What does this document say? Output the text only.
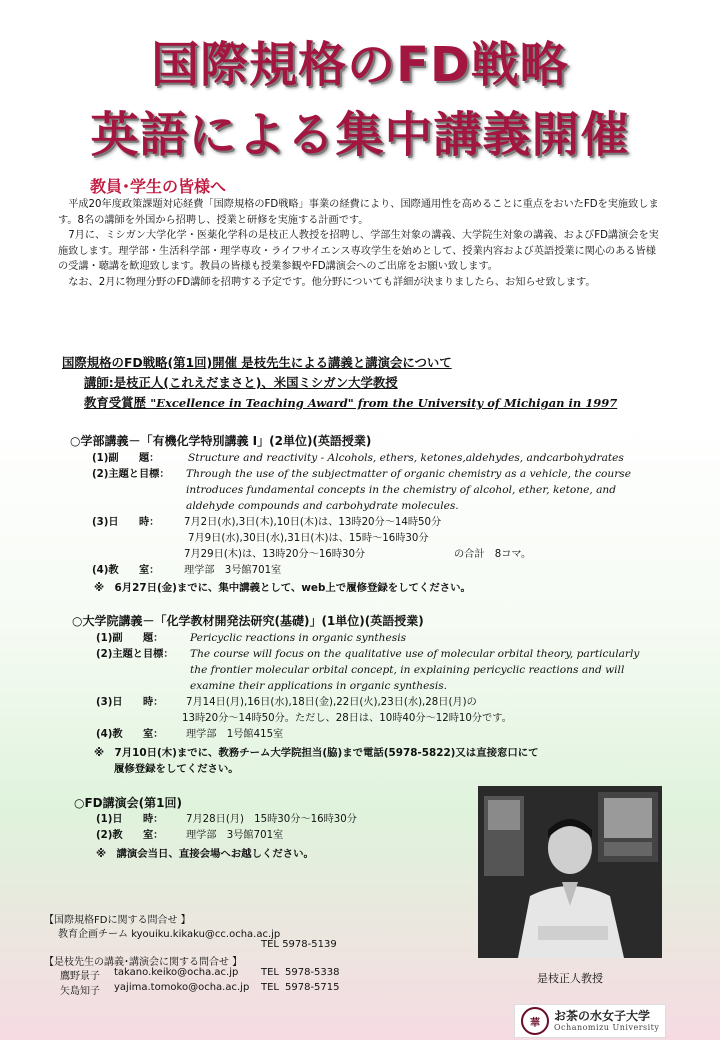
国際規格のFD戦略
英語による集中講義開催
教員･学生の皆様へ

平成20年度政策課題対応経費「国際規格のFD戦略」事業の経費により、国際通用性を高めることに重点をおいたFDを実施致します。8名の講師を外国から招聘し、授業と研修を実施する計画です。

7月に、ミシガン大学化学・医薬化学科の是枝正人教授を招聘し、学部生対象の講義、大学院生対象の講義、およびFD講演会を実施致します。理学部・生活科学部・理学専攻・ライフサイエンス専攻学生を始めとして、授業内容および英語授業に関心のある皆様の受講・聴講を歓迎致します。教員の皆様も授業参観やFD講演会へのご出席をお願い致します。

なお、2月に物理分野のFD講師を招聘する予定です。他分野についても詳細が決まりましたら、お知らせ致します。

国際規格のFD戦略(第1回)開催 是枝先生による講義と講演会について
講師:是枝正人(これえだまさと)、米国ミシガン大学教授
教育受賞歴 "Excellence in Teaching Award" from the University of Michigan in 1997
○学部講義－「有機化学特別講義 Ⅰ」(2単位)(英語授業)
(1)副　　題：	Structure and reactivity - Alcohols, ethers, ketones,aldehydes, andcarbohydrates
(2)主題と目標： Through the use of the subjectmatter of organic chemistry as a vehicle, the course
introduces fundamental concepts in the chemistry of alcohol, ether, ketone, and
aldehyde compounds and carbohydrate molecules.
(3)日　　時： 7月2日(水),3日(木),10日(木)は、13時20分～14時50分
7月9日(水),30日(水),31日(木)は、15時～16時30分
7月29日(木)は、13時20分～16時30分	の合計　8コマ。
(4)教　　室： 理学部　3号館701室
※　6月27日(金)までに、集中講義として、web上で履修登録をしてください。
○大学院講義－「化学教材開発法研究(基礎)」(1単位)(英語授業)
(1)副　　題：	Pericyclic reactions in organic synthesis
(2)主題と目標： The course will focus on the qualitative use of molecular orbital theory, particularly
the frontier molecular orbital concept, in explaining pericyclic reactions and will
examine their applications in organic synthesis.
(3)日　　時： 7月14日(月),16日(水),18日(金),22日(火),23日(水),28日(月)の
13時20分～14時50分。ただし、28日は、10時40分～12時10分です。
(4)教　　室： 理学部　1号館415室
※　7月10日(木)までに、教務チーム大学院担当(脇)まで電話(5978-5822)又は直接窓口にて
履修登録をしてください。
○FD講演会(第1回)
(1)日　　時： 7月28日(月)　15時30分～16時30分
(2)教　　室： 理学部　3号館701室
※　講演会当日、直接会場へお越しください。
是枝正人教授
【国際規格FDに関する問合せ 】
教育企画チーム kyouiku.kikaku@cc.ocha.ac.jp
TEL 5978-5139
【是枝先生の講義･講演会に関する問合せ 】
鷹野景子 takano.keiko@ocha.ac.jp TEL 5978-5338
矢島知子 yajima.tomoko@ocha.ac.jp TEL 5978-5715
華	お茶の水女子大学
Ochanomizu University
